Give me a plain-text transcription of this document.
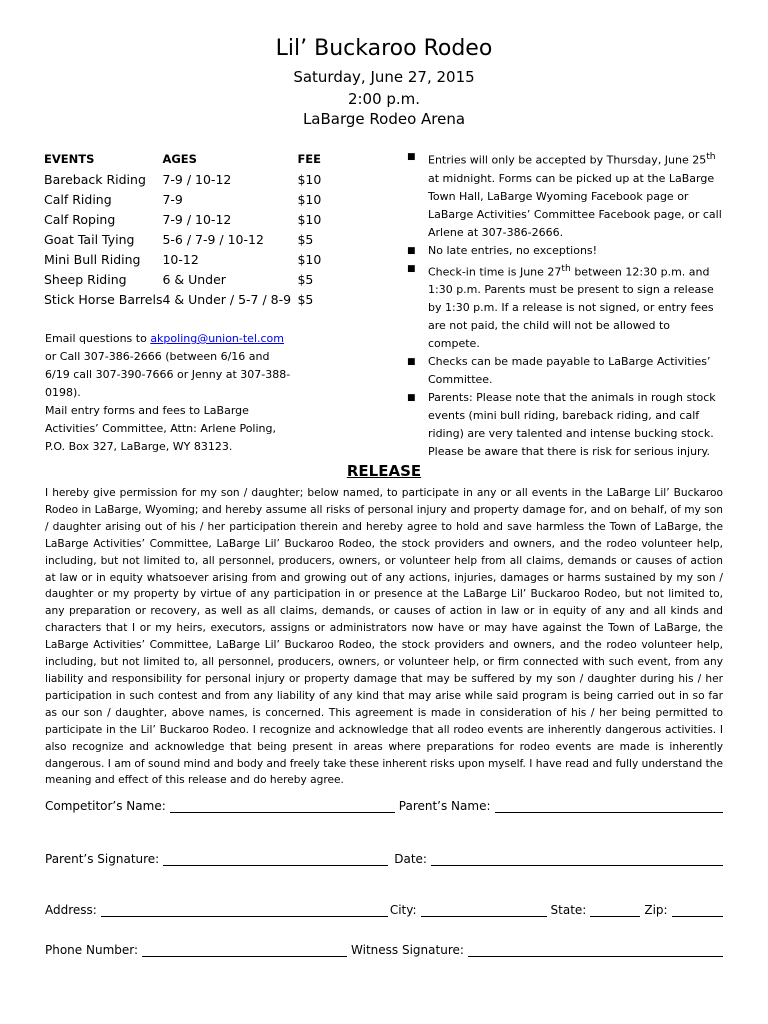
Lil’ Buckaroo Rodeo
Saturday, June 27, 2015
2:00 p.m.
LaBarge Rodeo Arena
EVENTS	AGES	FEE
Bareback Riding	7-9 / 10-12	$10
Calf Riding	7-9	$10
Calf Roping	7-9 / 10-12	$10
Goat Tail Tying	5-6 / 7-9 / 10-12	$5
Mini Bull Riding	10-12	$10
Sheep Riding	6 & Under	$5
Stick Horse Barrels	4 & Under / 5-7 / 8-9	$5
Email questions to akpoling@union-tel.com or Call 307-386-2666 (between 6/16 and 6/19 call 307-390-7666 or Jenny at 307-388-0198).
Mail entry forms and fees to LaBarge Activities’ Committee, Attn: Arlene Poling, P.O. Box 327, LaBarge, WY 83123.
■ Entries will only be accepted by Thursday, June 25th at midnight. Forms can be picked up at the LaBarge Town Hall, LaBarge Wyoming Facebook page or LaBarge Activities’ Committee Facebook page, or call Arlene at 307-386-2666.
■ No late entries, no exceptions!
■ Check-in time is June 27th between 12:30 p.m. and 1:30 p.m. Parents must be present to sign a release by 1:30 p.m. If a release is not signed, or entry fees are not paid, the child will not be allowed to compete.
■ Checks can be made payable to LaBarge Activities’ Committee.
■ Parents: Please note that the animals in rough stock events (mini bull riding, bareback riding, and calf riding) are very talented and intense bucking stock. Please be aware that there is risk for serious injury.
RELEASE

I hereby give permission for my son / daughter; below named, to participate in any or all events in the LaBarge Lil’ Buckaroo Rodeo in LaBarge, Wyoming; and hereby assume all risks of personal injury and property damage for, and on behalf, of my son / daughter arising out of his / her participation therein and hereby agree to hold and save harmless the Town of LaBarge, the LaBarge Activities’ Committee, LaBarge Lil’ Buckaroo Rodeo, the stock providers and owners, and the rodeo volunteer help, including, but not limited to, all personnel, producers, owners, or volunteer help from all claims, demands or causes of action at law or in equity whatsoever arising from and growing out of any actions, injuries, damages or harms sustained by my son / daughter or my property by virtue of any participation in or presence at the LaBarge Lil’ Buckaroo Rodeo, but not limited to, any preparation or recovery, as well as all claims, demands, or causes of action in law or in equity of any and all kinds and characters that I or my heirs, executors, assigns or administrators now have or may have against the Town of LaBarge, the LaBarge Activities’ Committee, LaBarge Lil’ Buckaroo Rodeo, the stock providers and owners, and the rodeo volunteer help, including, but not limited to, all personnel, producers, owners, or volunteer help, or firm connected with such event, from any liability and responsibility for personal injury or property damage that may be suffered by my son / daughter during his / her participation in such contest and from any liability of any kind that may arise while said program is being carried out in so far as our son / daughter, above names, is concerned. This agreement is made in consideration of his / her being permitted to participate in the Lil’ Buckaroo Rodeo. I recognize and acknowledge that all rodeo events are inherently dangerous activities. I also recognize and acknowledge that being present in areas where preparations for rodeo events are made is inherently dangerous. I am of sound mind and body and freely take these inherent risks upon myself. I have read and fully understand the meaning and effect of this release and do hereby agree.

Competitor’s Name:	Parent’s Name:
Parent’s Signature:	Date:
Address:	City:	State:	Zip:
Phone Number:	Witness Signature:
